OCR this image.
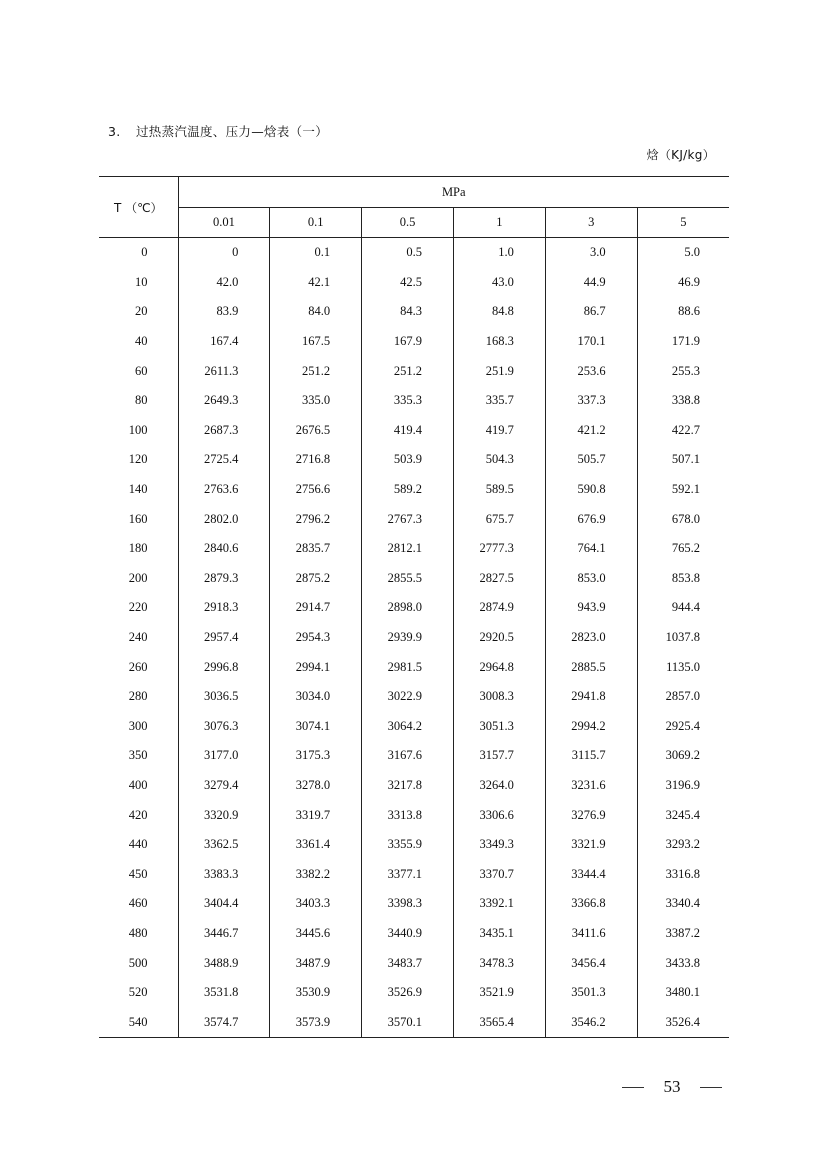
3. 过热蒸汽温度、压力—焓表（一）
焓（KJ/kg）
T （℃）	MPa					
	0.01	0.1	0.5	1	3	5
0	0	0.1	0.5	1.0	3.0	5.0
10	42.0	42.1	42.5	43.0	44.9	46.9
20	83.9	84.0	84.3	84.8	86.7	88.6
40	167.4	167.5	167.9	168.3	170.1	171.9
60	2611.3	251.2	251.2	251.9	253.6	255.3
80	2649.3	335.0	335.3	335.7	337.3	338.8
100	2687.3	2676.5	419.4	419.7	421.2	422.7
120	2725.4	2716.8	503.9	504.3	505.7	507.1
140	2763.6	2756.6	589.2	589.5	590.8	592.1
160	2802.0	2796.2	2767.3	675.7	676.9	678.0
180	2840.6	2835.7	2812.1	2777.3	764.1	765.2
200	2879.3	2875.2	2855.5	2827.5	853.0	853.8
220	2918.3	2914.7	2898.0	2874.9	943.9	944.4
240	2957.4	2954.3	2939.9	2920.5	2823.0	1037.8
260	2996.8	2994.1	2981.5	2964.8	2885.5	1135.0
280	3036.5	3034.0	3022.9	3008.3	2941.8	2857.0
300	3076.3	3074.1	3064.2	3051.3	2994.2	2925.4
350	3177.0	3175.3	3167.6	3157.7	3115.7	3069.2
400	3279.4	3278.0	3217.8	3264.0	3231.6	3196.9
420	3320.9	3319.7	3313.8	3306.6	3276.9	3245.4
440	3362.5	3361.4	3355.9	3349.3	3321.9	3293.2
450	3383.3	3382.2	3377.1	3370.7	3344.4	3316.8
460	3404.4	3403.3	3398.3	3392.1	3366.8	3340.4
480	3446.7	3445.6	3440.9	3435.1	3411.6	3387.2
500	3488.9	3487.9	3483.7	3478.3	3456.4	3433.8
520	3531.8	3530.9	3526.9	3521.9	3501.3	3480.1
540	3574.7	3573.9	3570.1	3565.4	3546.2	3526.4
53
